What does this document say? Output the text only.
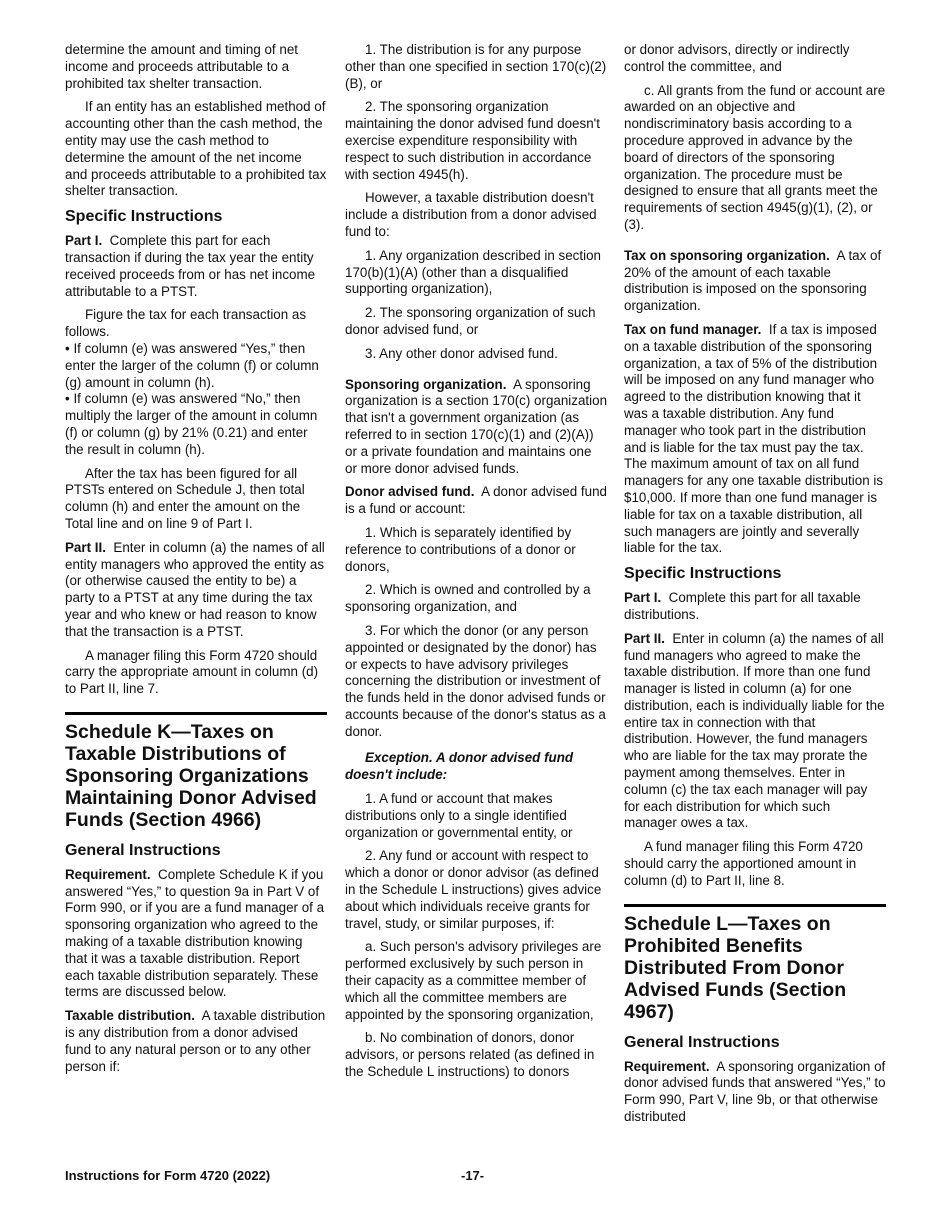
determine the amount and timing of net income and proceeds attributable to a prohibited tax shelter transaction.

If an entity has an established method of accounting other than the cash method, the entity may use the cash method to determine the amount of the net income and proceeds attributable to a prohibited tax shelter transaction.

Specific Instructions

Part I. Complete this part for each transaction if during the tax year the entity received proceeds from or has net income attributable to a PTST.

Figure the tax for each transaction as follows.

• If column (e) was answered “Yes,” then enter the larger of the column (f) or column (g) amount in column (h).

• If column (e) was answered “No,” then multiply the larger of the amount in column (f) or column (g) by 21% (0.21) and enter the result in column (h).

After the tax has been figured for all PTSTs entered on Schedule J, then total column (h) and enter the amount on the Total line and on line 9 of Part I.

Part II. Enter in column (a) the names of all entity managers who approved the entity as (or otherwise caused the entity to be) a party to a PTST at any time during the tax year and who knew or had reason to know that the transaction is a PTST.

A manager filing this Form 4720 should carry the appropriate amount in column (d) to Part II, line 7.

Schedule K—Taxes on Taxable Distributions of Sponsoring Organizations Maintaining Donor Advised Funds (Section 4966)
General Instructions

Requirement. Complete Schedule K if you answered “Yes,” to question 9a in Part V of Form 990, or if you are a fund manager of a sponsoring organization who agreed to the making of a taxable distribution knowing that it was a taxable distribution. Report each taxable distribution separately. These terms are discussed below.

Taxable distribution. A taxable distribution is any distribution from a donor advised fund to any natural person or to any other person if:

1. The distribution is for any purpose other than one specified in section 170(c)(2)(B), or

2. The sponsoring organization maintaining the donor advised fund doesn't exercise expenditure responsibility with respect to such distribution in accordance with section 4945(h).

However, a taxable distribution doesn't include a distribution from a donor advised fund to:

1. Any organization described in section 170(b)(1)(A) (other than a disqualified supporting organization),

2. The sponsoring organization of such donor advised fund, or

3. Any other donor advised fund.

Sponsoring organization. A sponsoring organization is a section 170(c) organization that isn't a government organization (as referred to in section 170(c)(1) and (2)(A)) or a private foundation and maintains one or more donor advised funds.

Donor advised fund. A donor advised fund is a fund or account:

1. Which is separately identified by reference to contributions of a donor or donors,

2. Which is owned and controlled by a sponsoring organization, and

3. For which the donor (or any person appointed or designated by the donor) has or expects to have advisory privileges concerning the distribution or investment of the funds held in the donor advised funds or accounts because of the donor's status as a donor.

Exception. A donor advised fund doesn't include:

1. A fund or account that makes distributions only to a single identified organization or governmental entity, or

2. Any fund or account with respect to which a donor or donor advisor (as defined in the Schedule L instructions) gives advice about which individuals receive grants for travel, study, or similar purposes, if:

a. Such person's advisory privileges are performed exclusively by such person in their capacity as a committee member of which all the committee members are appointed by the sponsoring organization,

b. No combination of donors, donor advisors, or persons related (as defined in the Schedule L instructions) to donors

or donor advisors, directly or indirectly control the committee, and

c. All grants from the fund or account are awarded on an objective and nondiscriminatory basis according to a procedure approved in advance by the board of directors of the sponsoring organization. The procedure must be designed to ensure that all grants meet the requirements of section 4945(g)(1), (2), or (3).

Tax on sponsoring organization. A tax of 20% of the amount of each taxable distribution is imposed on the sponsoring organization.

Tax on fund manager. If a tax is imposed on a taxable distribution of the sponsoring organization, a tax of 5% of the distribution will be imposed on any fund manager who agreed to the distribution knowing that it was a taxable distribution. Any fund manager who took part in the distribution and is liable for the tax must pay the tax. The maximum amount of tax on all fund managers for any one taxable distribution is $10,000. If more than one fund manager is liable for tax on a taxable distribution, all such managers are jointly and severally liable for the tax.

Specific Instructions

Part I. Complete this part for all taxable distributions.

Part II. Enter in column (a) the names of all fund managers who agreed to make the taxable distribution. If more than one fund manager is listed in column (a) for one distribution, each is individually liable for the entire tax in connection with that distribution. However, the fund managers who are liable for the tax may prorate the payment among themselves. Enter in column (c) the tax each manager will pay for each distribution for which such manager owes a tax.

A fund manager filing this Form 4720 should carry the apportioned amount in column (d) to Part II, line 8.

Schedule L—Taxes on Prohibited Benefits Distributed From Donor Advised Funds (Section 4967)
General Instructions

Requirement. A sponsoring organization of donor advised funds that answered “Yes,” to Form 990, Part V, line 9b, or that otherwise distributed

Instructions for Form 4720 (2022)	-17-
